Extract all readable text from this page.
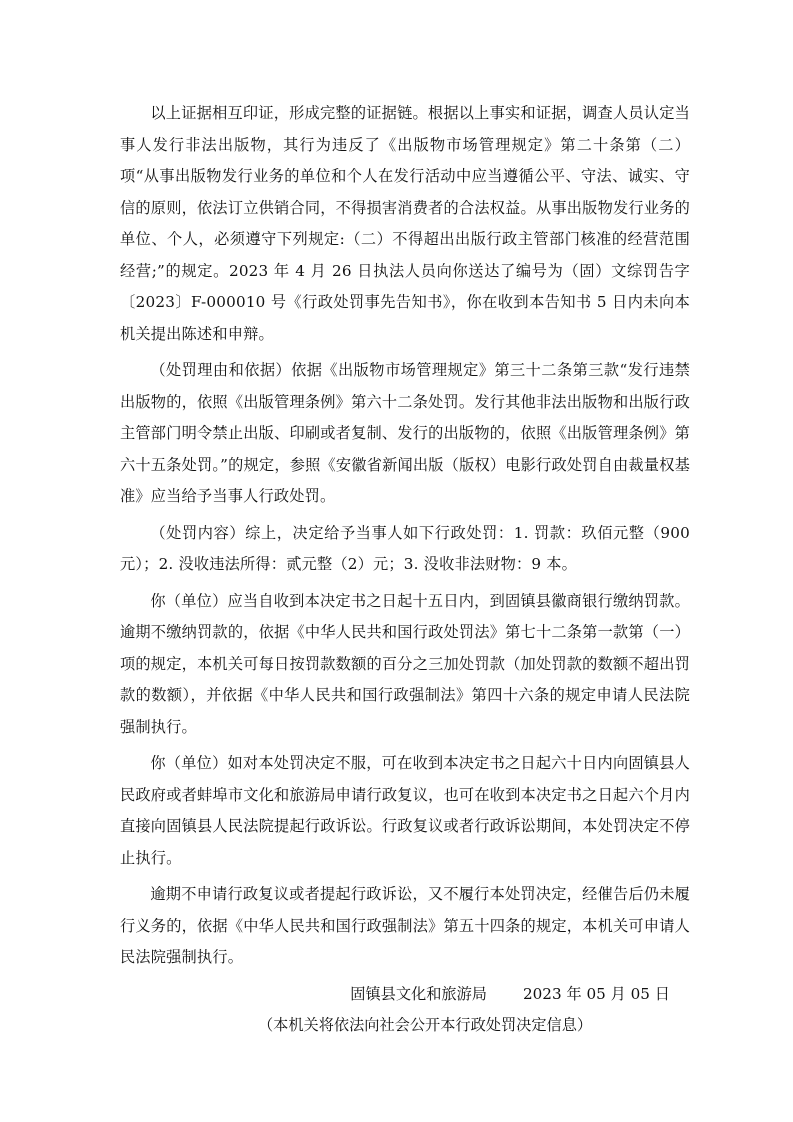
以上证据相互印证，形成完整的证据链。根据以上事实和证据，调查人员认定当事人发行非法出版物，其行为违反了《出版物市场管理规定》第二十条第（二）项“从事出版物发行业务的单位和个人在发行活动中应当遵循公平、守法、诚实、守信的原则，依法订立供销合同，不得损害消费者的合法权益。从事出版物发行业务的单位、个人，必须遵守下列规定:（二）不得超出出版行政主管部门核准的经营范围经营;”的规定。2023 年 4 月 26 日执法人员向你送达了编号为（固）文综罚告字〔2023〕F-000010 号《行政处罚事先告知书》，你在收到本告知书 5 日内未向本机关提出陈述和申辩。

（处罚理由和依据）依据《出版物市场管理规定》第三十二条第三款“发行违禁出版物的，依照《出版管理条例》第六十二条处罚。发行其他非法出版物和出版行政主管部门明令禁止出版、印刷或者复制、发行的出版物的，依照《出版管理条例》第六十五条处罚。”的规定，参照《安徽省新闻出版（版权）电影行政处罚自由裁量权基准》应当给予当事人行政处罚。

（处罚内容）综上，决定给予当事人如下行政处罚：1. 罚款：玖佰元整（900 元）；2. 没收违法所得：贰元整（2）元；3. 没收非法财物：9 本。

你（单位）应当自收到本决定书之日起十五日内，到固镇县徽商银行缴纳罚款。逾期不缴纳罚款的，依据《中华人民共和国行政处罚法》第七十二条第一款第（一）项的规定，本机关可每日按罚款数额的百分之三加处罚款（加处罚款的数额不超出罚款的数额），并依据《中华人民共和国行政强制法》第四十六条的规定申请人民法院强制执行。

你（单位）如对本处罚决定不服，可在收到本决定书之日起六十日内向固镇县人民政府或者蚌埠市文化和旅游局申请行政复议，也可在收到本决定书之日起六个月内直接向固镇县人民法院提起行政诉讼。行政复议或者行政诉讼期间，本处罚决定不停止执行。

逾期不申请行政复议或者提起行政诉讼，又不履行本处罚决定，经催告后仍未履行义务的，依据《中华人民共和国行政强制法》第五十四条的规定，本机关可申请人民法院强制执行。

固镇县文化和旅游局 2023 年 05 月 05 日

（本机关将依法向社会公开本行政处罚决定信息）
